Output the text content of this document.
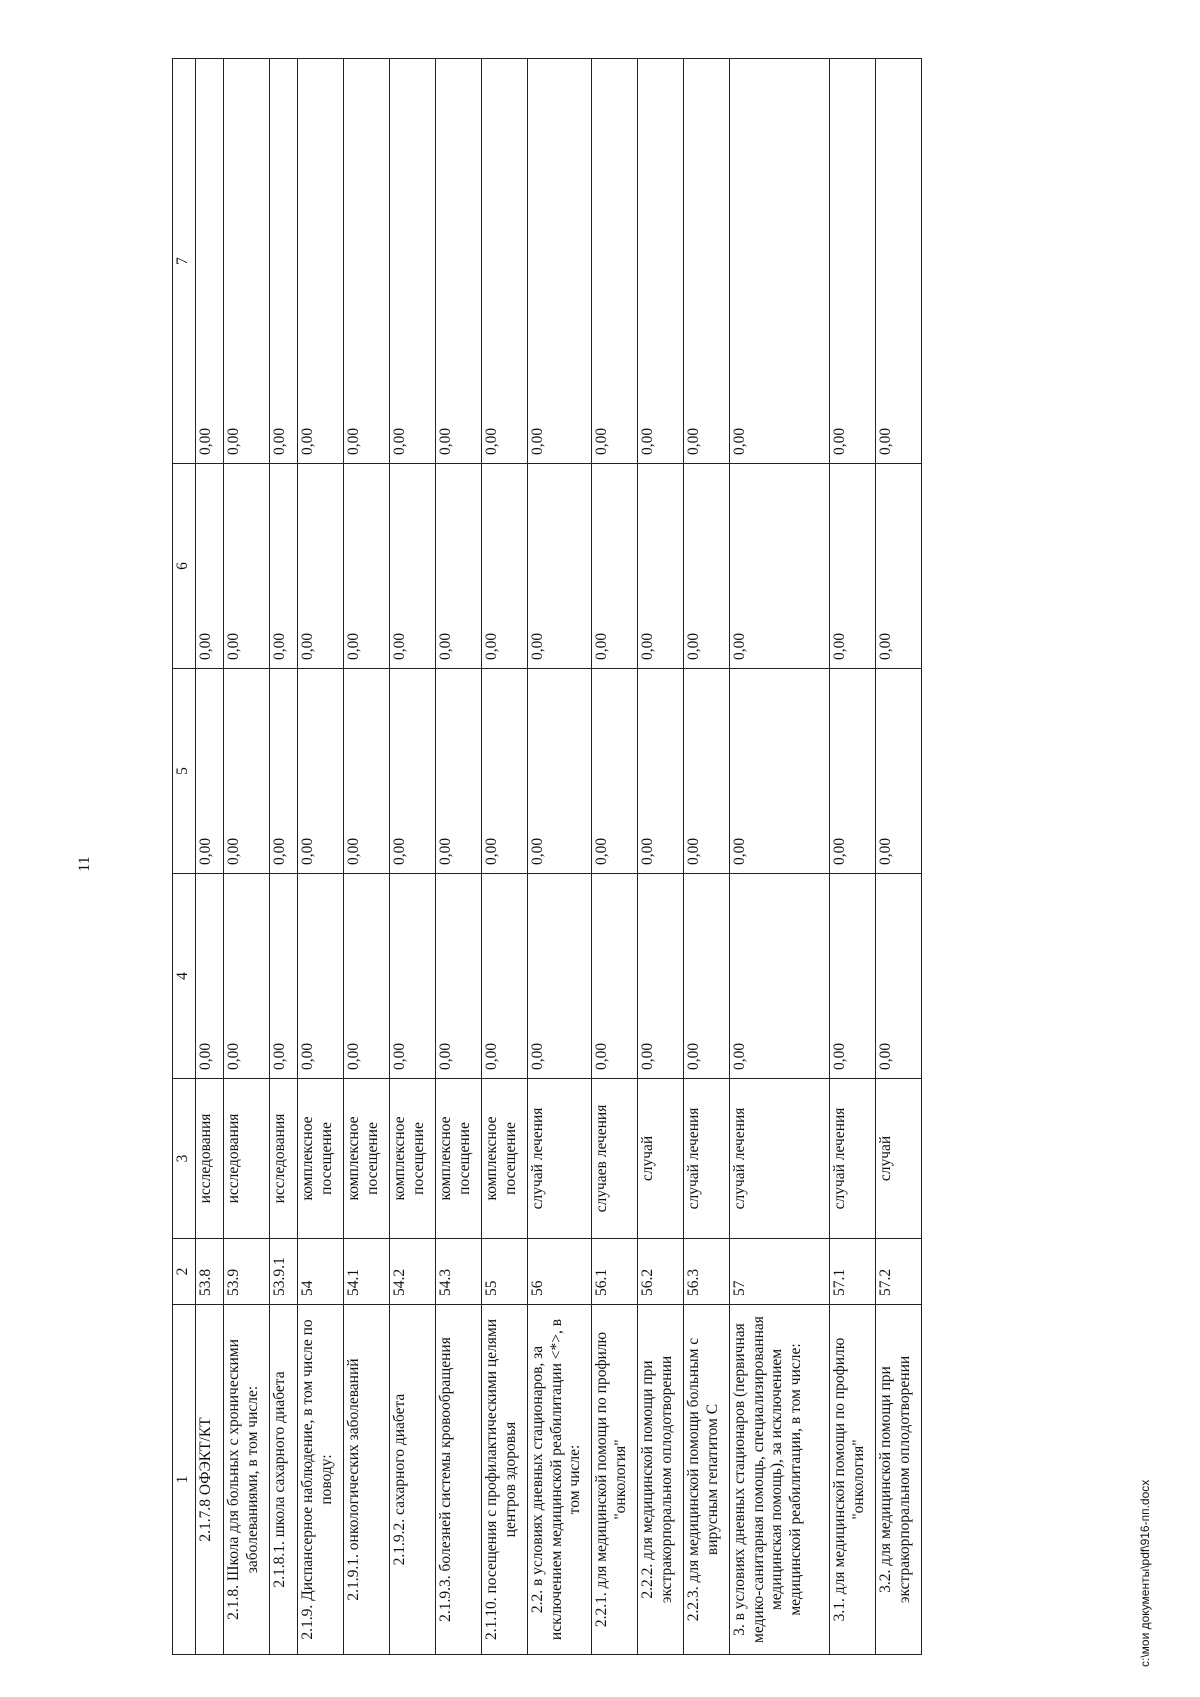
11
1	2	3	4	5	6	7
2.1.7.8 ОФЭКТ/КТ	53.8	исследования	0,00	0,00	0,00	0,00
2.1.8. Школа для больных с хроническими заболеваниями, в том числе:	53.9	исследования	0,00	0,00	0,00	0,00
2.1.8.1. школа сахарного диабета	53.9.1	исследования	0,00	0,00	0,00	0,00
2.1.9. Диспансерное наблюдение, в том числе по поводу:	54	комплексное посещение	0,00	0,00	0,00	0,00
2.1.9.1. онкологических заболеваний	54.1	комплексное посещение	0,00	0,00	0,00	0,00
2.1.9.2. сахарного диабета	54.2	комплексное посещение	0,00	0,00	0,00	0,00
2.1.9.3. болезней системы кровообращения	54.3	комплексное посещение	0,00	0,00	0,00	0,00
2.1.10. посещения с профилактическими целями центров здоровья	55	комплексное посещение	0,00	0,00	0,00	0,00
2.2. в условиях дневных стационаров, за исключением медицинской реабилитации <*>, в том числе:	56	случай лечения	0,00	0,00	0,00	0,00
2.2.1. для медицинской помощи по профилю "онкология"	56.1	случаев лечения	0,00	0,00	0,00	0,00
2.2.2. для медицинской помощи при экстракорпоральном оплодотворении	56.2	случай	0,00	0,00	0,00	0,00
2.2.3. для медицинской помощи больным с вирусным гепатитом С	56.3	случай лечения	0,00	0,00	0,00	0,00
3. в условиях дневных стационаров (первичная медико-санитарная помощь, специализированная медицинская помощь), за исключением медицинской реабилитации, в том числе:	57	случай лечения	0,00	0,00	0,00	0,00
3.1. для медицинской помощи по профилю "онкология"	57.1	случай лечения	0,00	0,00	0,00	0,00
3.2. для медицинской помощи при экстракорпоральном оплодотворении	57.2	случай	0,00	0,00	0,00	0,00
c:\мои документы\pdf\916-пп.docx
